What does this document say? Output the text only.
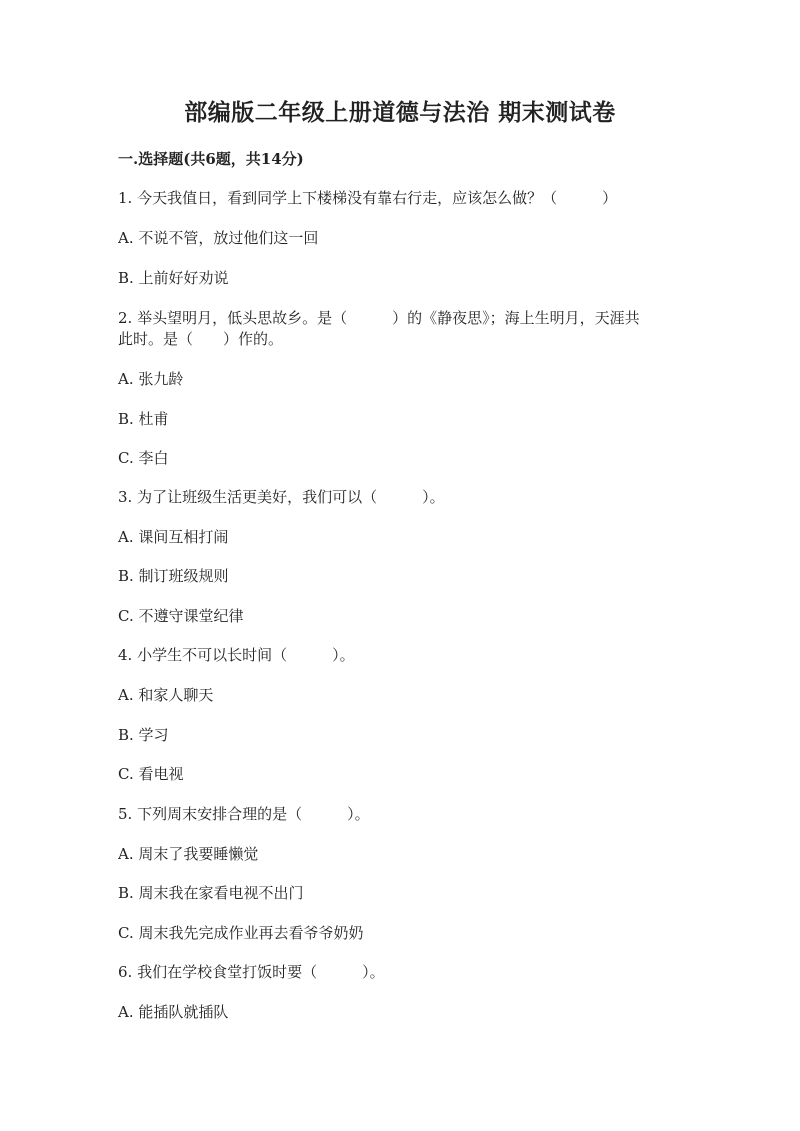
部编版二年级上册道德与法治 期末测试卷
一.选择题(共6题，共14分)
1. 今天我值日，看到同学上下楼梯没有靠右行走，应该怎么做？（　　　）
A. 不说不管，放过他们这一回
B. 上前好好劝说
2. 举头望明月，低头思故乡。是（　　　）的《静夜思》；海上生明月，天涯共
此时。是（　　）作的。
A. 张九龄
B. 杜甫
C. 李白
3. 为了让班级生活更美好，我们可以（　　　）。
A. 课间互相打闹
B. 制订班级规则
C. 不遵守课堂纪律
4. 小学生不可以长时间（　　　）。
A. 和家人聊天
B. 学习
C. 看电视
5. 下列周末安排合理的是（　　　）。
A. 周末了我要睡懒觉
B. 周末我在家看电视不出门
C. 周末我先完成作业再去看爷爷奶奶
6. 我们在学校食堂打饭时要（　　　）。
A. 能插队就插队
